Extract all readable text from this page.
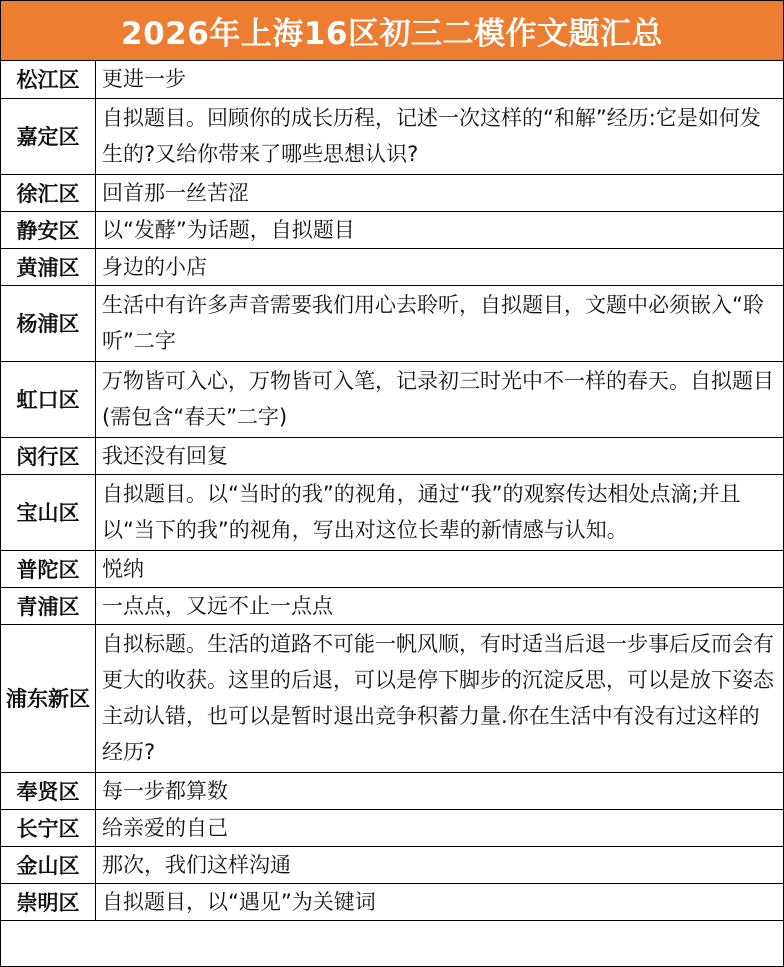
2026年上海16区初三二模作文题汇总
松江区	更进一步
嘉定区	自拟题目。回顾你的成长历程，记述一次这样的“和解”经历:它是如何发生的?又给你带来了哪些思想认识?
徐汇区	回首那一丝苦涩
静安区	以“发酵”为话题，自拟题目
黄浦区	身边的小店
杨浦区	生活中有许多声音需要我们用心去聆听，自拟题目，文题中必须嵌入“聆听”二字
虹口区	万物皆可入心，万物皆可入笔，记录初三时光中不一样的春天。自拟题目(需包含“春天”二字)
闵行区	我还没有回复
宝山区	自拟题目。以“当时的我”的视角，通过“我”的观察传达相处点滴;并且以“当下的我”的视角，写出对这位长辈的新情感与认知。
普陀区	悦纳
青浦区	一点点，又远不止一点点
浦东新区	自拟标题。生活的道路不可能一帆风顺，有时适当后退一步事后反而会有更大的收获。这里的后退，可以是停下脚步的沉淀反思，可以是放下姿态主动认错，也可以是暂时退出竞争积蓄力量.你在生活中有没有过这样的经历?
奉贤区	每一步都算数
长宁区	给亲爱的自己
金山区	那次，我们这样沟通
崇明区	自拟题目，以“遇见”为关键词
